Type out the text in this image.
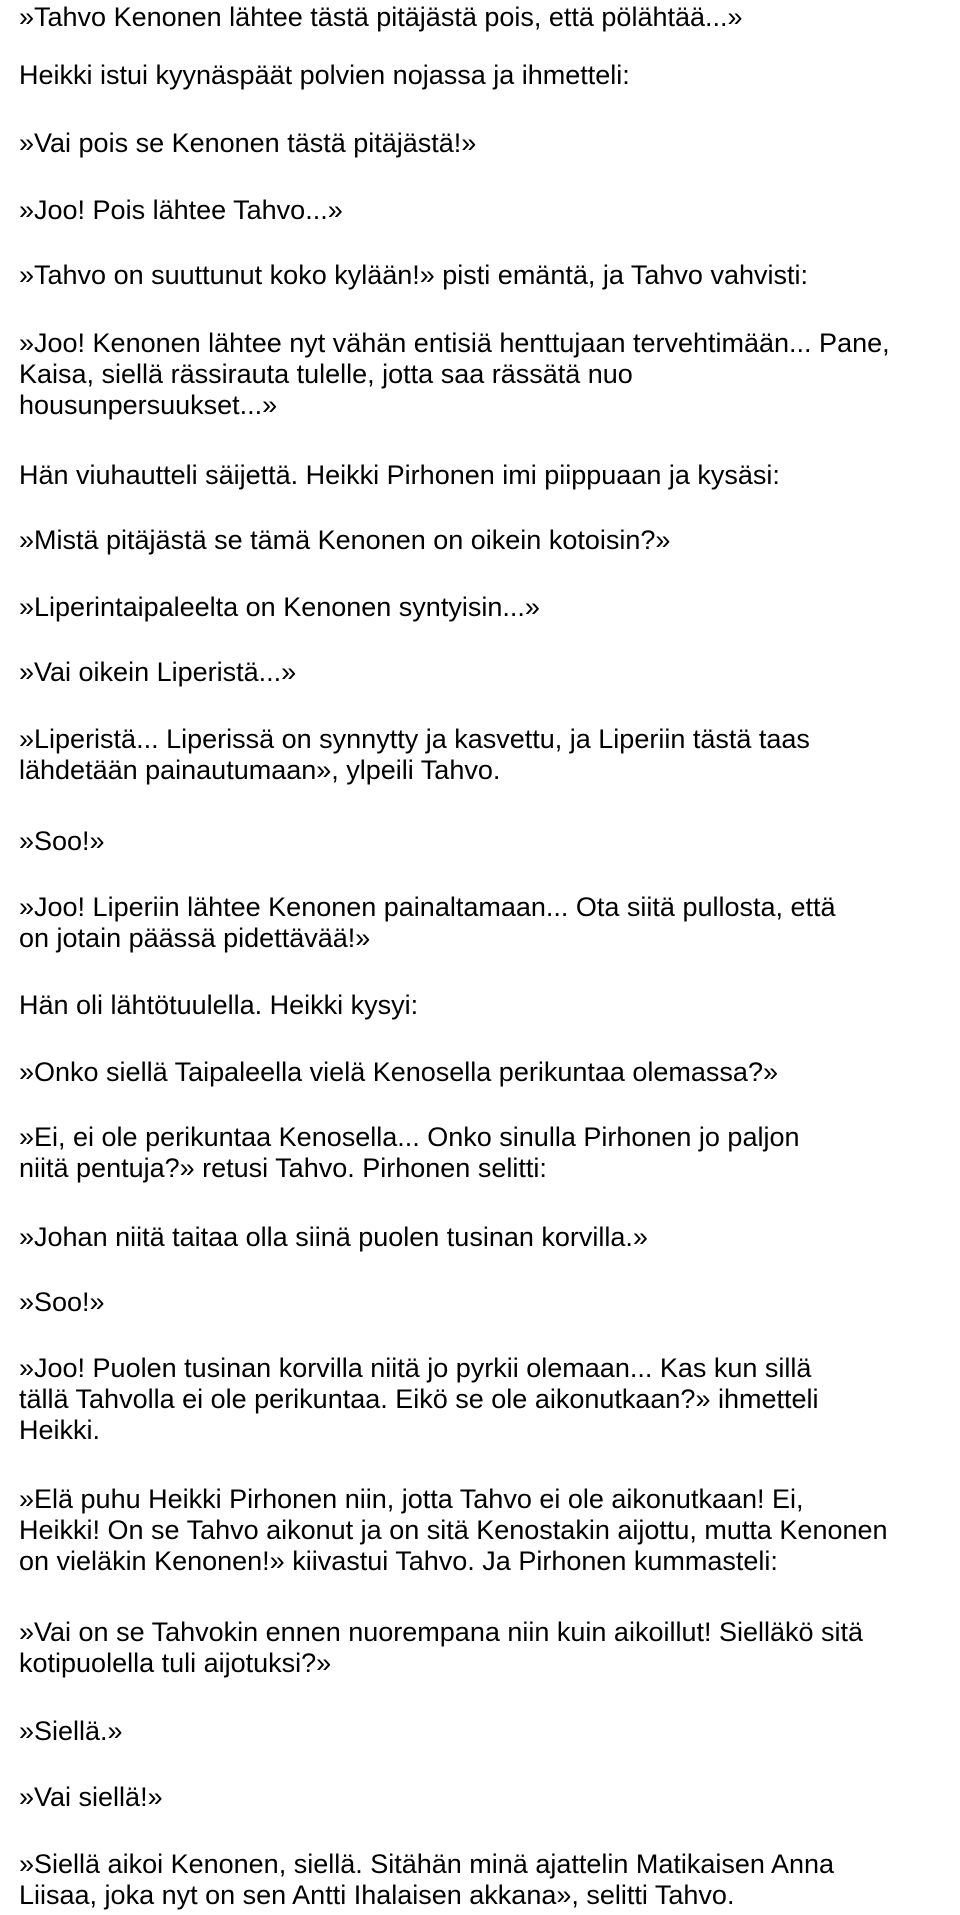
»Tahvo Kenonen lähtee tästä pitäjästä pois, että pölähtää...»
Heikki istui kyynäspäät polvien nojassa ja ihmetteli:
»Vai pois se Kenonen tästä pitäjästä!»
»Joo! Pois lähtee Tahvo...»
»Tahvo on suuttunut koko kylään!» pisti emäntä, ja Tahvo vahvisti:
»Joo! Kenonen lähtee nyt vähän entisiä henttujaan tervehtimään... Pane,
Kaisa, siellä rässirauta tulelle, jotta saa rässätä nuo
housunpersuukset...»
Hän viuhautteli säijettä. Heikki Pirhonen imi piippuaan ja kysäsi:
»Mistä pitäjästä se tämä Kenonen on oikein kotoisin?»
»Liperintaipaleelta on Kenonen syntyisin...»
»Vai oikein Liperistä...»
»Liperistä... Liperissä on synnytty ja kasvettu, ja Liperiin tästä taas
lähdetään painautumaan», ylpeili Tahvo.
»Soo!»
»Joo! Liperiin lähtee Kenonen painaltamaan... Ota siitä pullosta, että
on jotain päässä pidettävää!»
Hän oli lähtötuulella. Heikki kysyi:
»Onko siellä Taipaleella vielä Kenosella perikuntaa olemassa?»
»Ei, ei ole perikuntaa Kenosella... Onko sinulla Pirhonen jo paljon
niitä pentuja?» retusi Tahvo. Pirhonen selitti:
»Johan niitä taitaa olla siinä puolen tusinan korvilla.»
»Soo!»
»Joo! Puolen tusinan korvilla niitä jo pyrkii olemaan... Kas kun sillä
tällä Tahvolla ei ole perikuntaa. Eikö se ole aikonutkaan?» ihmetteli
Heikki.
»Elä puhu Heikki Pirhonen niin, jotta Tahvo ei ole aikonutkaan! Ei,
Heikki! On se Tahvo aikonut ja on sitä Kenostakin aijottu, mutta Kenonen
on vieläkin Kenonen!» kiivastui Tahvo. Ja Pirhonen kummasteli:
»Vai on se Tahvokin ennen nuorempana niin kuin aikoillut! Sielläkö sitä
kotipuolella tuli aijotuksi?»
»Siellä.»
»Vai siellä!»
»Siellä aikoi Kenonen, siellä. Sitähän minä ajattelin Matikaisen Anna
Liisaa, joka nyt on sen Antti Ihalaisen akkana», selitti Tahvo.
